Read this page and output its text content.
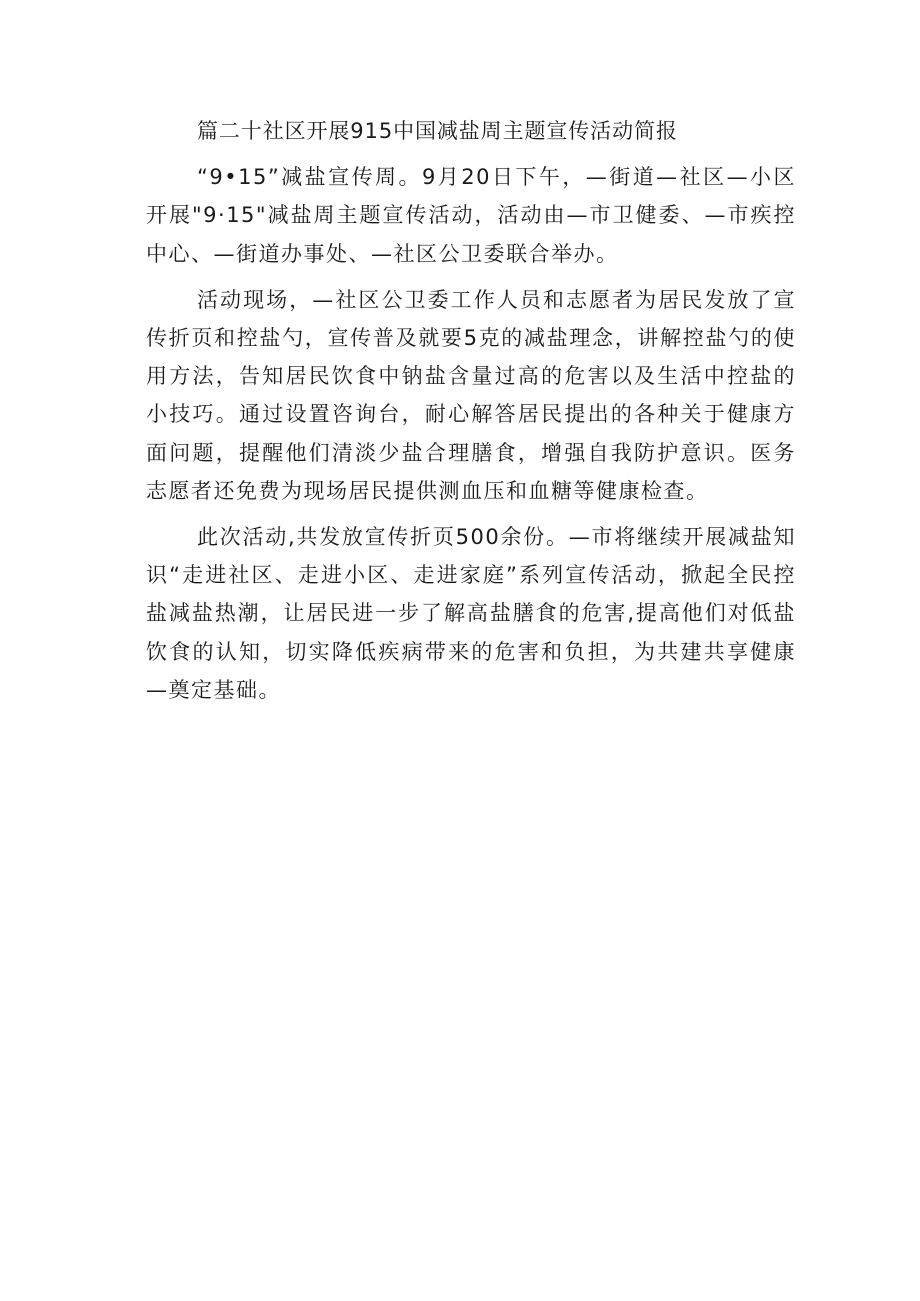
篇二十社区开展915中国减盐周主题宣传活动简报

“9•15”减盐宣传周。9月20日下午，—街道—社区—小区开展"9·15"减盐周主题宣传活动，活动由—市卫健委、—市疾控中心、—街道办事处、—社区公卫委联合举办。

活动现场，—社区公卫委工作人员和志愿者为居民发放了宣传折页和控盐勺，宣传普及就要5克的减盐理念，讲解控盐勺的使用方法，告知居民饮食中钠盐含量过高的危害以及生活中控盐的小技巧。通过设置咨询台，耐心解答居民提出的各种关于健康方面问题，提醒他们清淡少盐合理膳食，增强自我防护意识。医务志愿者还免费为现场居民提供测血压和血糖等健康检查。

此次活动,共发放宣传折页500余份。—市将继续开展减盐知识“走进社区、走进小区、走进家庭”系列宣传活动，掀起全民控盐减盐热潮，让居民进一步了解高盐膳食的危害,提高他们对低盐饮食的认知，切实降低疾病带来的危害和负担，为共建共享健康—奠定基础。
